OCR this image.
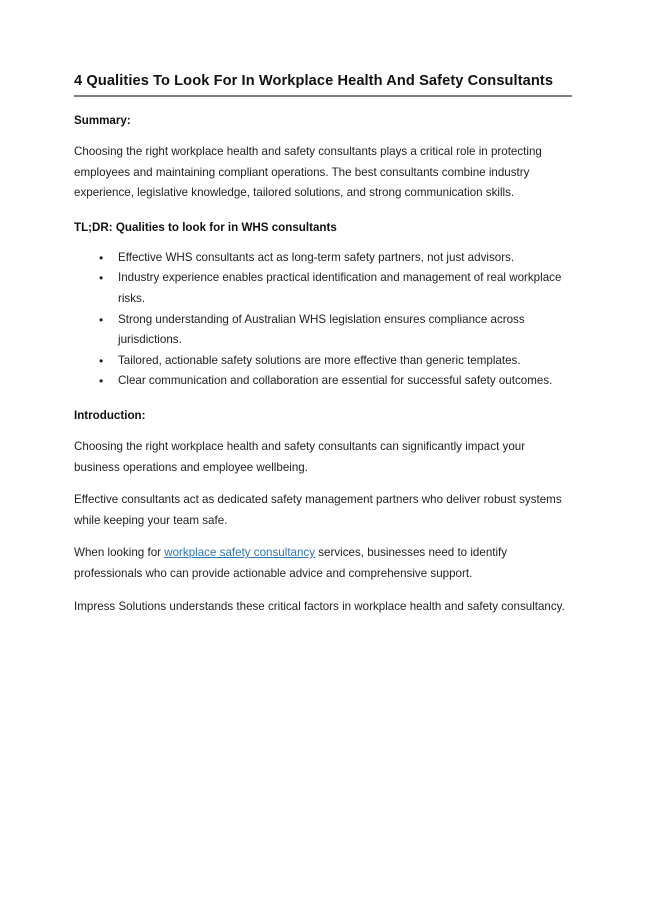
4 Qualities To Look For In Workplace Health And Safety Consultants
Summary:

Choosing the right workplace health and safety consultants plays a critical role in protecting employees and maintaining compliant operations. The best consultants combine industry experience, legislative knowledge, tailored solutions, and strong communication skills.

TL;DR: Qualities to look for in WHS consultants
• Effective WHS consultants act as long-term safety partners, not just advisors.
• Industry experience enables practical identification and management of real workplace risks.
• Strong understanding of Australian WHS legislation ensures compliance across jurisdictions.
• Tailored, actionable safety solutions are more effective than generic templates.
• Clear communication and collaboration are essential for successful safety outcomes.
Introduction:

Choosing the right workplace health and safety consultants can significantly impact your business operations and employee wellbeing.

Effective consultants act as dedicated safety management partners who deliver robust systems while keeping your team safe.

When looking for workplace safety consultancy services, businesses need to identify professionals who can provide actionable advice and comprehensive support.

Impress Solutions understands these critical factors in workplace health and safety consultancy.
